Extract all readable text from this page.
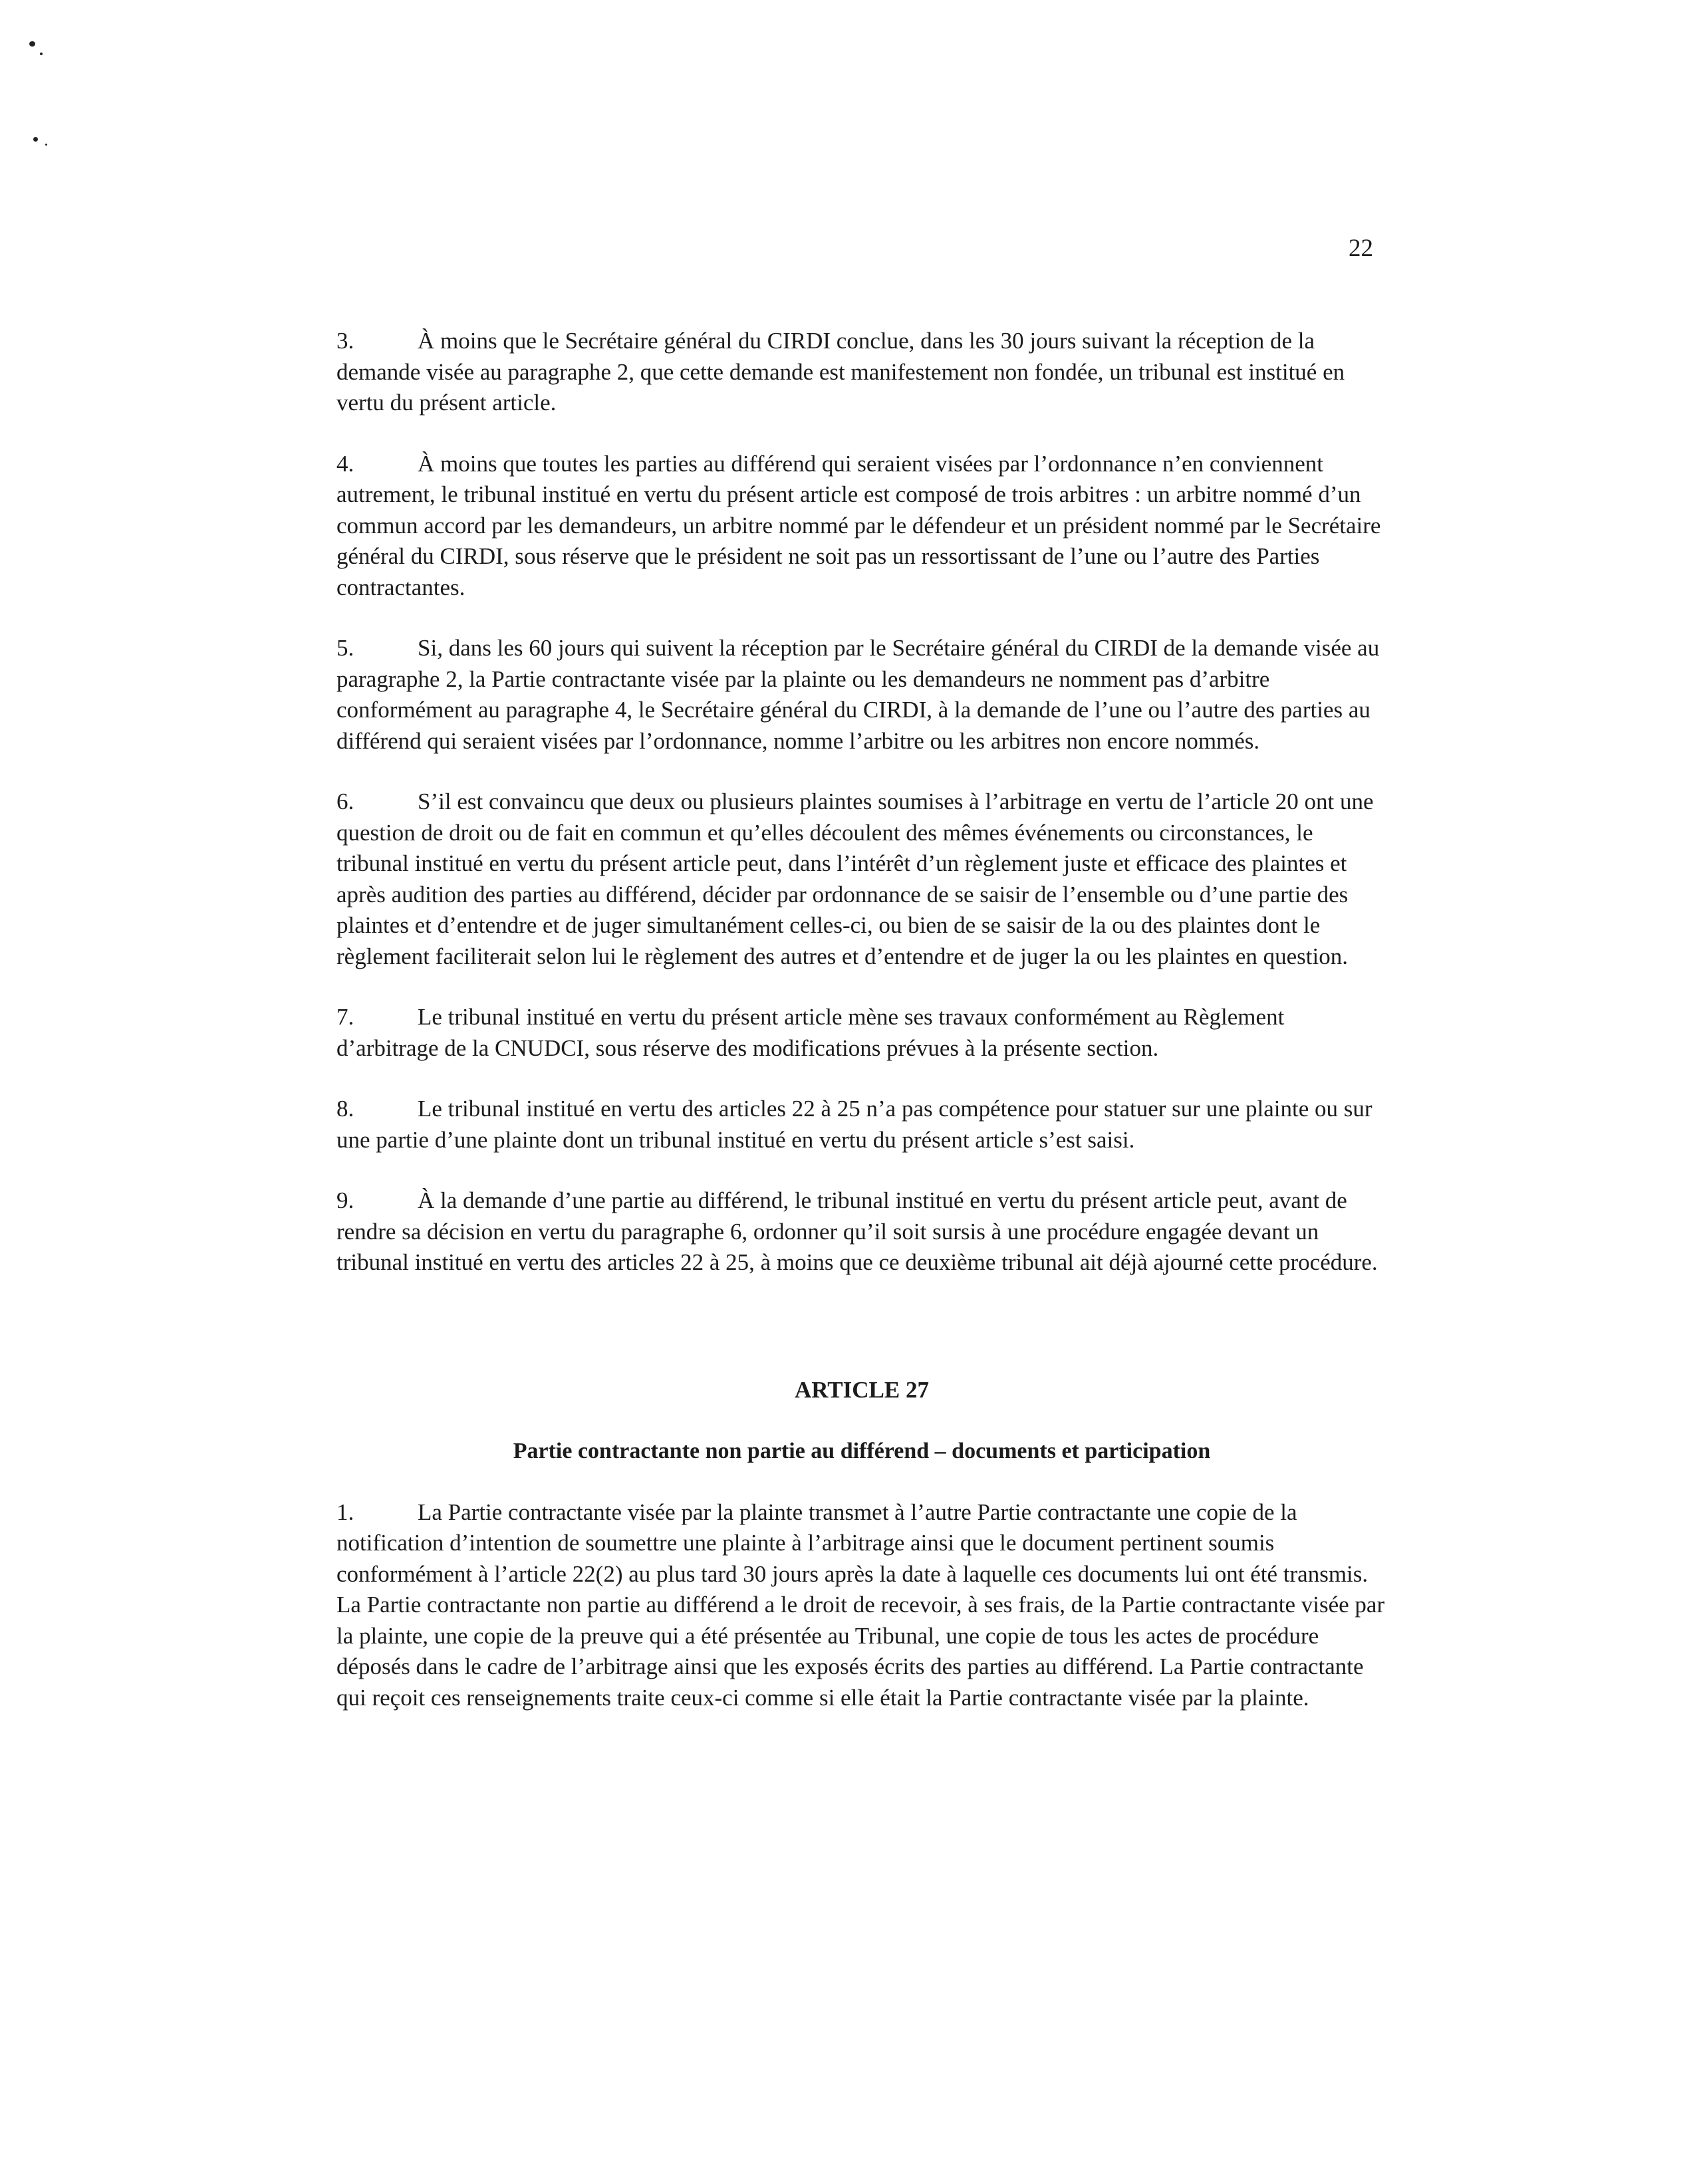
22

3.	À moins que le Secrétaire général du CIRDI conclue, dans les 30 jours suivant la réception de la demande visée au paragraphe 2, que cette demande est manifestement non fondée, un tribunal est institué en vertu du présent article.

4.	À moins que toutes les parties au différend qui seraient visées par l’ordonnance n’en conviennent autrement, le tribunal institué en vertu du présent article est composé de trois arbitres : un arbitre nommé d’un commun accord par les demandeurs, un arbitre nommé par le défendeur et un président nommé par le Secrétaire général du CIRDI, sous réserve que le président ne soit pas un ressortissant de l’une ou l’autre des Parties contractantes.

5.	Si, dans les 60 jours qui suivent la réception par le Secrétaire général du CIRDI de la demande visée au paragraphe 2, la Partie contractante visée par la plainte ou les demandeurs ne nomment pas d’arbitre conformément au paragraphe 4, le Secrétaire général du CIRDI, à la demande de l’une ou l’autre des parties au différend qui seraient visées par l’ordonnance, nomme l’arbitre ou les arbitres non encore nommés.

6.	S’il est convaincu que deux ou plusieurs plaintes soumises à l’arbitrage en vertu de l’article 20 ont une question de droit ou de fait en commun et qu’elles découlent des mêmes événements ou circonstances, le tribunal institué en vertu du présent article peut, dans l’intérêt d’un règlement juste et efficace des plaintes et après audition des parties au différend, décider par ordonnance de se saisir de l’ensemble ou d’une partie des plaintes et d’entendre et de juger simultanément celles-ci, ou bien de se saisir de la ou des plaintes dont le règlement faciliterait selon lui le règlement des autres et d’entendre et de juger la ou les plaintes en question.

7.	Le tribunal institué en vertu du présent article mène ses travaux conformément au Règlement d’arbitrage de la CNUDCI, sous réserve des modifications prévues à la présente section.

8.	Le tribunal institué en vertu des articles 22 à 25 n’a pas compétence pour statuer sur une plainte ou sur une partie d’une plainte dont un tribunal institué en vertu du présent article s’est saisi.

9.	À la demande d’une partie au différend, le tribunal institué en vertu du présent article peut, avant de rendre sa décision en vertu du paragraphe 6, ordonner qu’il soit sursis à une procédure engagée devant un tribunal institué en vertu des articles 22 à 25, à moins que ce deuxième tribunal ait déjà ajourné cette procédure.

ARTICLE 27
Partie contractante non partie au différend – documents et participation

1.	La Partie contractante visée par la plainte transmet à l’autre Partie contractante une copie de la notification d’intention de soumettre une plainte à l’arbitrage ainsi que le document pertinent soumis conformément à l’article 22(2) au plus tard 30 jours après la date à laquelle ces documents lui ont été transmis. La Partie contractante non partie au différend a le droit de recevoir, à ses frais, de la Partie contractante visée par la plainte, une copie de la preuve qui a été présentée au Tribunal, une copie de tous les actes de procédure déposés dans le cadre de l’arbitrage ainsi que les exposés écrits des parties au différend. La Partie contractante qui reçoit ces renseignements traite ceux-ci comme si elle était la Partie contractante visée par la plainte.
